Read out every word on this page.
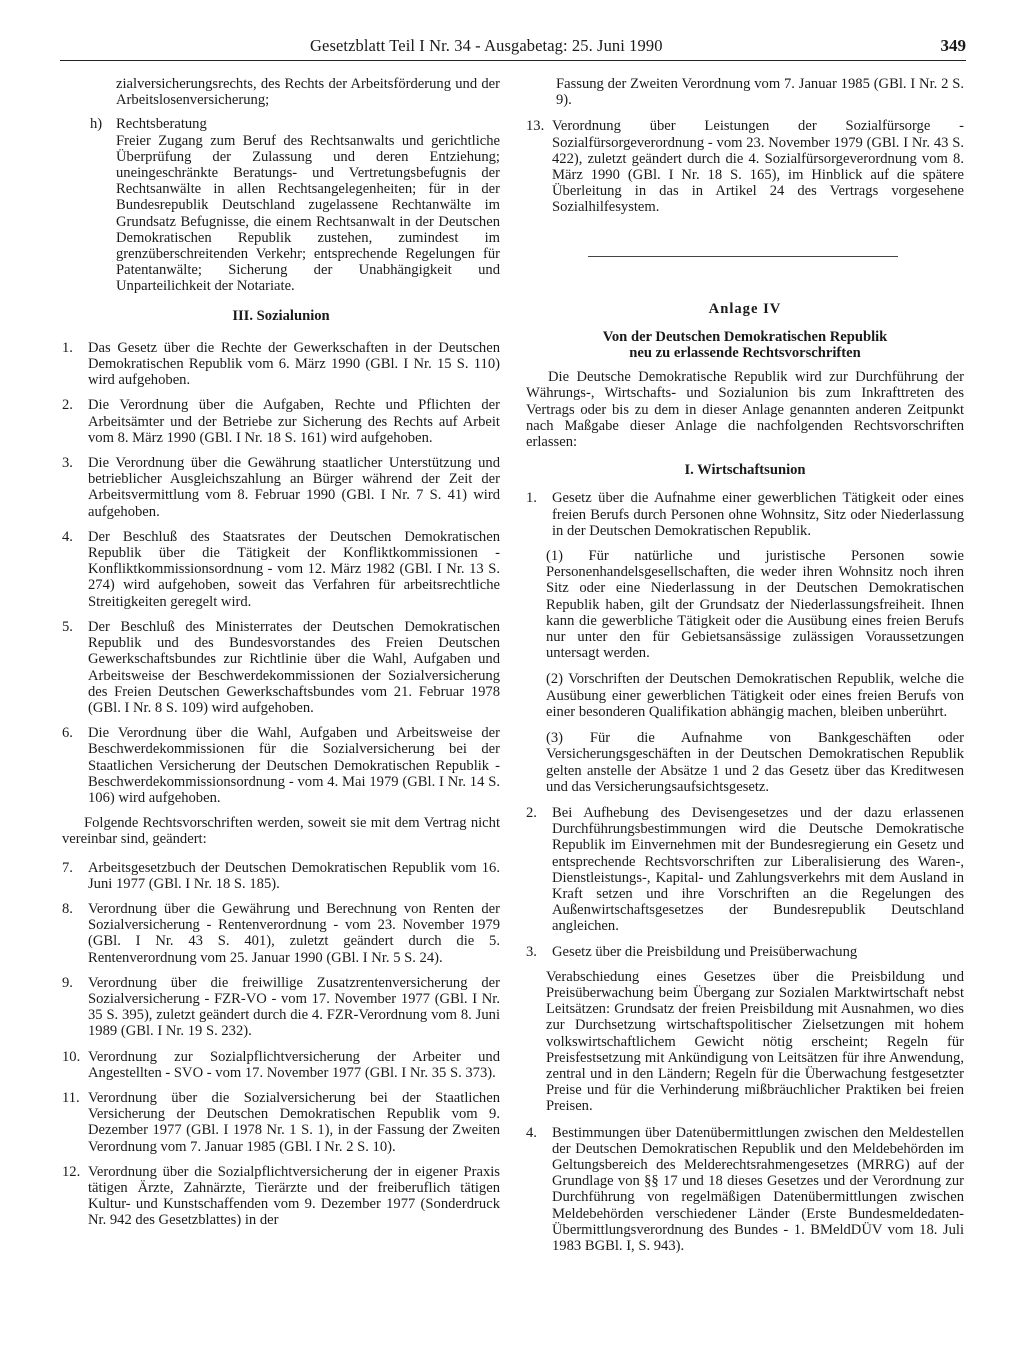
Gesetzblatt Teil I Nr. 34 - Ausgabetag: 25. Juni 1990	349

zialversicherungsrechts, des Rechts der Arbeitsförderung und der Arbeitslosenversicherung;

h) Rechtsberatung

Freier Zugang zum Beruf des Rechtsanwalts und gerichtliche Überprüfung der Zulassung und deren Entziehung; uneingeschränkte Beratungs- und Vertretungsbefugnis der Rechtsanwälte in allen Rechtsangelegenheiten; für in der Bundesrepublik Deutschland zugelassene Rechtanwälte im Grundsatz Befugnisse, die einem Rechtsanwalt in der Deutschen Demokratischen Republik zustehen, zumindest im grenzüberschreitenden Verkehr; entsprechende Regelungen für Patentanwälte; Sicherung der Unabhängigkeit und Unparteilichkeit der Notariate.

III. Sozialunion
1. Das Gesetz über die Rechte der Gewerkschaften in der Deutschen Demokratischen Republik vom 6. März 1990 (GBl. I Nr. 15 S. 110) wird aufgehoben.

2. Die Verordnung über die Aufgaben, Rechte und Pflichten der Arbeitsämter und der Betriebe zur Sicherung des Rechts auf Arbeit vom 8. März 1990 (GBl. I Nr. 18 S. 161) wird aufgehoben.

3. Die Verordnung über die Gewährung staatlicher Unterstützung und betrieblicher Ausgleichszahlung an Bürger während der Zeit der Arbeitsvermittlung vom 8. Februar 1990 (GBl. I Nr. 7 S. 41) wird aufgehoben.

4. Der Beschluß des Staatsrates der Deutschen Demokratischen Republik über die Tätigkeit der Konfliktkommissionen -Konfliktkommissionsordnung - vom 12. März 1982 (GBl. I Nr. 13 S. 274) wird aufgehoben, soweit das Verfahren für arbeitsrechtliche Streitigkeiten geregelt wird.

5. Der Beschluß des Ministerrates der Deutschen Demokratischen Republik und des Bundesvorstandes des Freien Deutschen Gewerkschaftsbundes zur Richtlinie über die Wahl, Aufgaben und Arbeitsweise der Beschwerdekommissionen der Sozialversicherung des Freien Deutschen Gewerkschaftsbundes vom 21. Februar 1978 (GBl. I Nr. 8 S. 109) wird aufgehoben.

6. Die Verordnung über die Wahl, Aufgaben und Arbeitsweise der Beschwerdekommissionen für die Sozialversicherung bei der Staatlichen Versicherung der Deutschen Demokratischen Republik - Beschwerdekommissionsordnung - vom 4. Mai 1979 (GBl. I Nr. 14 S. 106) wird aufgehoben.

Folgende Rechtsvorschriften werden, soweit sie mit dem Vertrag nicht vereinbar sind, geändert:

7. Arbeitsgesetzbuch der Deutschen Demokratischen Republik vom 16. Juni 1977 (GBl. I Nr. 18 S. 185).

8. Verordnung über die Gewährung und Berechnung von Renten der Sozialversicherung - Rentenverordnung - vom 23. November 1979 (GBl. I Nr. 43 S. 401), zuletzt geändert durch die 5. Rentenverordnung vom 25. Januar 1990 (GBl. I Nr. 5 S. 24).

9. Verordnung über die freiwillige Zusatzrentenversicherung der Sozialversicherung - FZR-VO - vom 17. November 1977 (GBl. I Nr. 35 S. 395), zuletzt geändert durch die 4. FZR-Verordnung vom 8. Juni 1989 (GBl. I Nr. 19 S. 232).

10. Verordnung zur Sozialpflichtversicherung der Arbeiter und Angestellten - SVO - vom 17. November 1977 (GBl. I Nr. 35 S. 373).

11. Verordnung über die Sozialversicherung bei der Staatlichen Versicherung der Deutschen Demokratischen Republik vom 9. Dezember 1977 (GBl. I 1978 Nr. 1 S. 1), in der Fassung der Zweiten Verordnung vom 7. Januar 1985 (GBl. I Nr. 2 S. 10).

12. Verordnung über die Sozialpflichtversicherung der in eigener Praxis tätigen Ärzte, Zahnärzte, Tierärzte und der freiberuflich tätigen Kultur- und Kunstschaffenden vom 9. Dezember 1977 (Sonderdruck Nr. 942 des Gesetzblattes) in der

Fassung der Zweiten Verordnung vom 7. Januar 1985 (GBl. I Nr. 2 S. 9).

13. Verordnung über Leistungen der Sozialfürsorge - Sozialfürsorgeverordnung - vom 23. November 1979 (GBl. I Nr. 43 S. 422), zuletzt geändert durch die 4. Sozialfürsorgeverordnung vom 8. März 1990 (GBl. I Nr. 18 S. 165), im Hinblick auf die spätere Überleitung in das in Artikel 24 des Vertrags vorgesehene Sozialhilfesystem.

Anlage IV
Von der Deutschen Demokratischen Republik
neu zu erlassende Rechtsvorschriften

Die Deutsche Demokratische Republik wird zur Durchführung der Währungs-, Wirtschafts- und Sozialunion bis zum Inkrafttreten des Vertrags oder bis zu dem in dieser Anlage genannten anderen Zeitpunkt nach Maßgabe dieser Anlage die nachfolgenden Rechtsvorschriften erlassen:

I. Wirtschaftsunion
1. Gesetz über die Aufnahme einer gewerblichen Tätigkeit oder eines freien Berufs durch Personen ohne Wohnsitz, Sitz oder Niederlassung in der Deutschen Demokratischen Republik.

(1) Für natürliche und juristische Personen sowie Personenhandelsgesellschaften, die weder ihren Wohnsitz noch ihren Sitz oder eine Niederlassung in der Deutschen Demokratischen Republik haben, gilt der Grundsatz der Niederlassungsfreiheit. Ihnen kann die gewerbliche Tätigkeit oder die Ausübung eines freien Berufs nur unter den für Gebietsansässige zulässigen Voraussetzungen untersagt werden.

(2) Vorschriften der Deutschen Demokratischen Republik, welche die Ausübung einer gewerblichen Tätigkeit oder eines freien Berufs von einer besonderen Qualifikation abhängig machen, bleiben unberührt.

(3) Für die Aufnahme von Bankgeschäften oder Versicherungsgeschäften in der Deutschen Demokratischen Republik gelten anstelle der Absätze 1 und 2 das Gesetz über das Kreditwesen und das Versicherungsaufsichtsgesetz.

2. Bei Aufhebung des Devisengesetzes und der dazu erlassenen Durchführungsbestimmungen wird die Deutsche Demokratische Republik im Einvernehmen mit der Bundesregierung ein Gesetz und entsprechende Rechtsvorschriften zur Liberalisierung des Waren-, Dienstleistungs-, Kapital- und Zahlungsverkehrs mit dem Ausland in Kraft setzen und ihre Vorschriften an die Regelungen des Außenwirtschaftsgesetzes der Bundesrepublik Deutschland angleichen.

3. Gesetz über die Preisbildung und Preisüberwachung

Verabschiedung eines Gesetzes über die Preisbildung und Preisüberwachung beim Übergang zur Sozialen Marktwirtschaft nebst Leitsätzen: Grundsatz der freien Preisbildung mit Ausnahmen, wo dies zur Durchsetzung wirtschaftspolitischer Zielsetzungen mit hohem volkswirtschaftlichem Gewicht nötig erscheint; Regeln für Preisfestsetzung mit Ankündigung von Leitsätzen für ihre Anwendung, zentral und in den Ländern; Regeln für die Überwachung festgesetzter Preise und für die Verhinderung mißbräuchlicher Praktiken bei freien Preisen.

4. Bestimmungen über Datenübermittlungen zwischen den Meldestellen der Deutschen Demokratischen Republik und den Meldebehörden im Geltungsbereich des Melderechtsrahmengesetzes (MRRG) auf der Grundlage von §§ 17 und 18 dieses Gesetzes und der Verordnung zur Durchführung von regelmäßigen Datenübermittlungen zwischen Meldebehörden verschiedener Länder (Erste Bundesmeldedaten-Übermittlungsverordnung des Bundes - 1. BMeldDÜV vom 18. Juli 1983 BGBl. I, S. 943).
